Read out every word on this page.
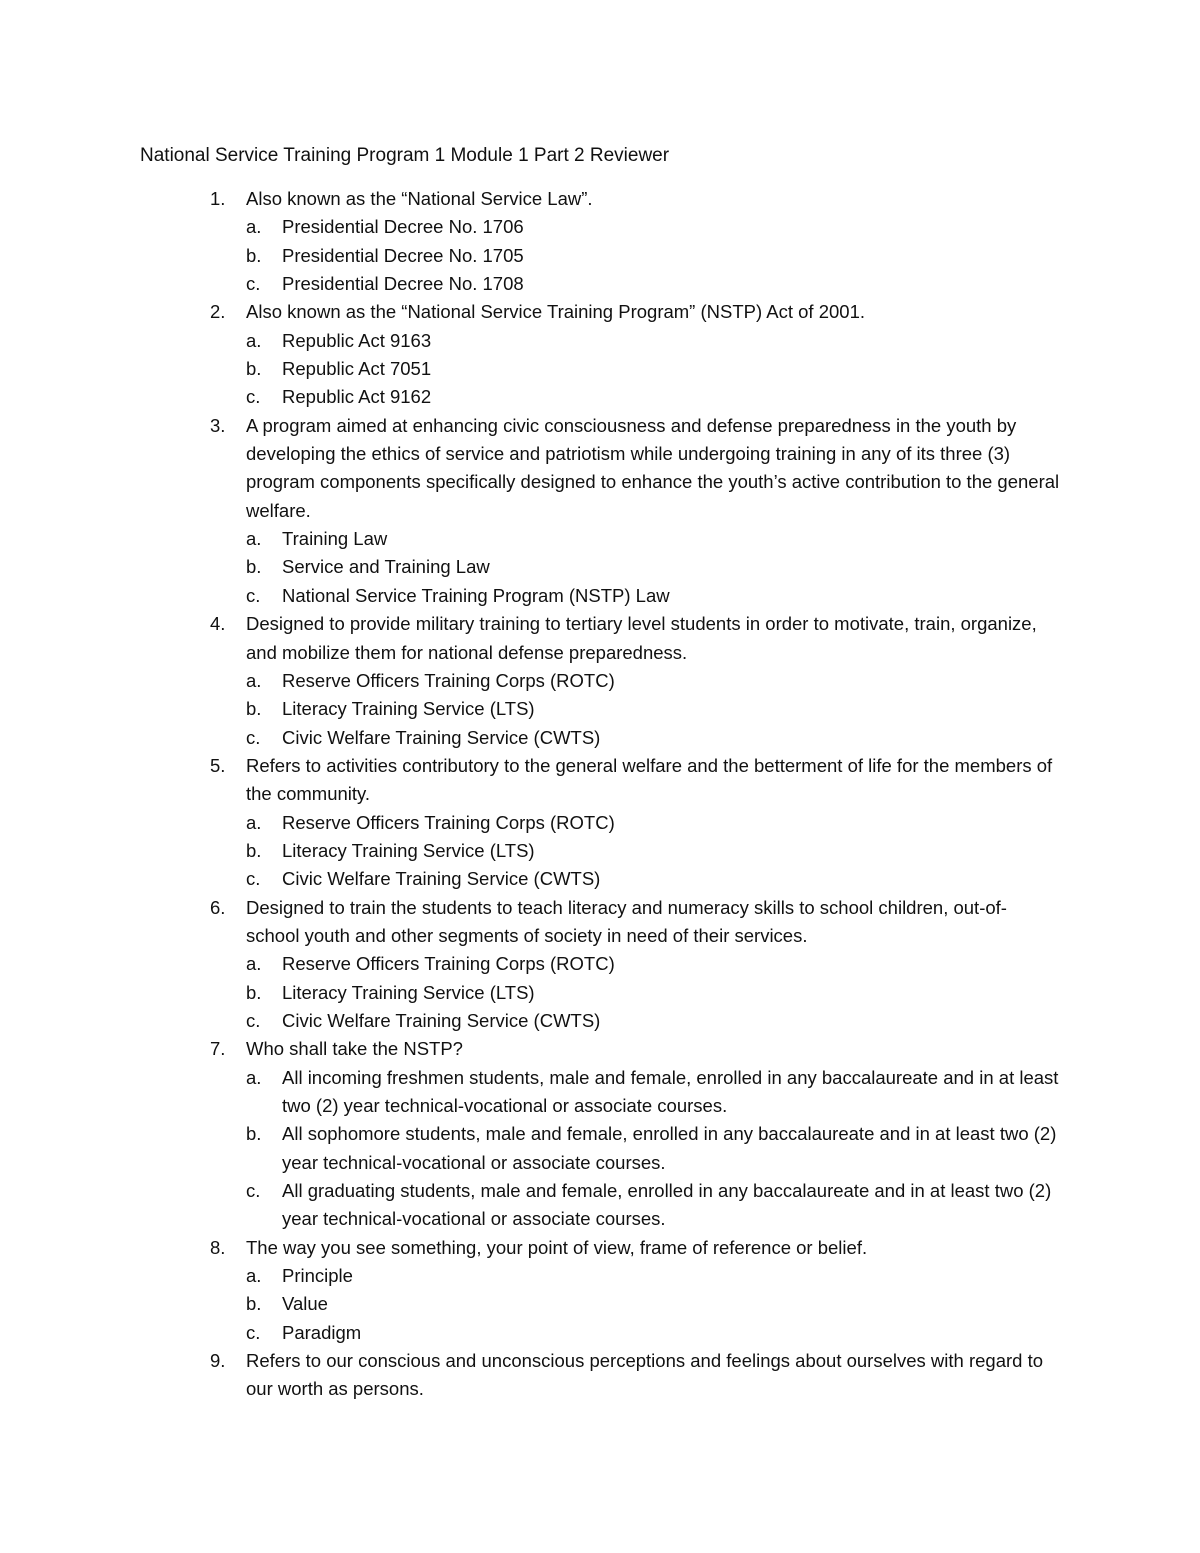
National Service Training Program 1 Module 1 Part 2 Reviewer
1. Also known as the “National Service Law”.
a. Presidential Decree No. 1706
b. Presidential Decree No. 1705
c. Presidential Decree No. 1708
2. Also known as the “National Service Training Program” (NSTP) Act of 2001.
a. Republic Act 9163
b. Republic Act 7051
c. Republic Act 9162
3. A program aimed at enhancing civic consciousness and defense preparedness in the youth by developing the ethics of service and patriotism while undergoing training in any of its three (3) program components specifically designed to enhance the youth’s active contribution to the general welfare.
a. Training Law
b. Service and Training Law
c. National Service Training Program (NSTP) Law
4. Designed to provide military training to tertiary level students in order to motivate, train, organize, and mobilize them for national defense preparedness.
a. Reserve Officers Training Corps (ROTC)
b. Literacy Training Service (LTS)
c. Civic Welfare Training Service (CWTS)
5. Refers to activities contributory to the general welfare and the betterment of life for the members of the community.
a. Reserve Officers Training Corps (ROTC)
b. Literacy Training Service (LTS)
c. Civic Welfare Training Service (CWTS)
6. Designed to train the students to teach literacy and numeracy skills to school children, out-of-school youth and other segments of society in need of their services.
a. Reserve Officers Training Corps (ROTC)
b. Literacy Training Service (LTS)
c. Civic Welfare Training Service (CWTS)
7. Who shall take the NSTP?
a. All incoming freshmen students, male and female, enrolled in any baccalaureate and in at least two (2) year technical-vocational or associate courses.
b. All sophomore students, male and female, enrolled in any baccalaureate and in at least two (2) year technical-vocational or associate courses.
c. All graduating students, male and female, enrolled in any baccalaureate and in at least two (2) year technical-vocational or associate courses.
8. The way you see something, your point of view, frame of reference or belief.
a. Principle
b. Value
c. Paradigm
9. Refers to our conscious and unconscious perceptions and feelings about ourselves with regard to our worth as persons.
